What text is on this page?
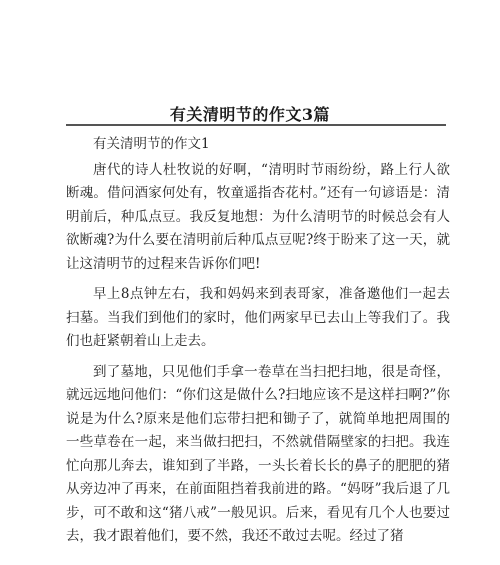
有关清明节的作文3篇

有关清明节的作文1

唐代的诗人杜牧说的好啊，“清明时节雨纷纷，路上行人欲断魂。借问酒家何处有，牧童遥指杏花村。”还有一句谚语是：清明前后，种瓜点豆。我反复地想：为什么清明节的时候总会有人欲断魂?为什么要在清明前后种瓜点豆呢?终于盼来了这一天，就让这清明节的过程来告诉你们吧!

早上8点钟左右，我和妈妈来到表哥家，准备邀他们一起去扫墓。当我们到他们的家时，他们两家早已去山上等我们了。我们也赶紧朝着山上走去。

到了墓地，只见他们手拿一卷草在当扫把扫地，很是奇怪，就远远地问他们：“你们这是做什么?扫地应该不是这样扫啊?”你说是为什么?原来是他们忘带扫把和锄子了，就简单地把周围的一些草卷在一起，来当做扫把扫，不然就借隔壁家的扫把。我连忙向那儿奔去，谁知到了半路，一头长着长长的鼻子的肥肥的猪从旁边冲了再来，在前面阻挡着我前进的路。“妈呀”我后退了几步，可不敢和这“猪八戒”一般见识。后来，看见有几个人也要过去，我才跟着他们，要不然，我还不敢过去呢。经过了猪
